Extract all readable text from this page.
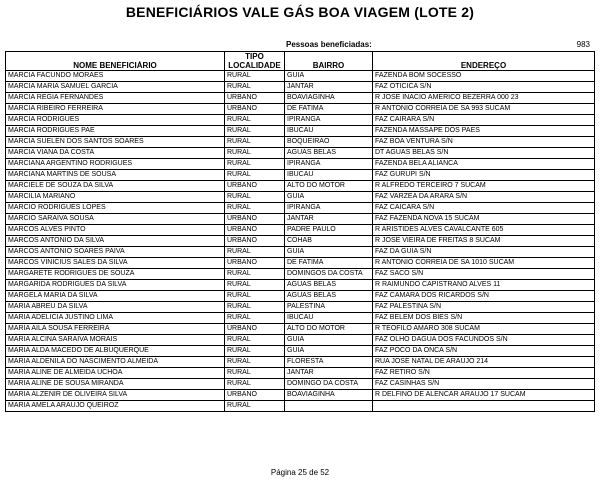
BENEFICIÁRIOS VALE GÁS BOA VIAGEM (LOTE 2)
Pessoas beneficiadas:	983
	TIPO		
NOME BENEFICIÁRIO	LOCALIDADE	BAIRRO	ENDEREÇO
MARCIA FACUNDO MORAES	RURAL	GUIA	FAZENDA BOM SOCESSO
MARCIA MARIA SAMUEL GARCIA	RURAL	JANTAR	FAZ OTICICA S/N
MARCIA REGIA FERNANDES	URBANO	BOAVIAGINHA	R JOSE INACIO AMERICO BEZERRA 000 23
MARCIA RIBEIRO FERREIRA	URBANO	DE FATIMA	R ANTONIO CORREIA DE SA 993 SUCAM
MARCIA RODRIGUES	RURAL	IPIRANGA	FAZ CAIRARA S/N
MARCIA RODRIGUES PAE	RURAL	IBUCAU	FAZENDA MASSAPE DOS PAES
MARCIA SUELEN DOS SANTOS SOARES	RURAL	BOQUEIRAO	FAZ BOA VENTURA S/N
MARCIA VIANA DA COSTA	RURAL	AGUAS BELAS	DT AGUAS BELAS S/N
MARCIANA ARGENTINO RODRIGUES	RURAL	IPIRANGA	FAZENDA BELA ALIANCA
MARCIANA MARTINS DE SOUSA	RURAL	IBUCAU	FAZ GURUPI S/N
MARCIELE DE SOUZA DA SILVA	URBANO	ALTO DO MOTOR	R ALFREDO TERCEIRO 7 SUCAM
MARCILIA MARIANO	RURAL	GUIA	FAZ VARZEA DA ARARA S/N
MARCIO RODRIGUES LOPES	RURAL	IPIRANGA	FAZ CAICARA S/N
MARCIO SARAIVA SOUSA	URBANO	JANTAR	FAZ FAZENDA NOVA 15 SUCAM
MARCOS ALVES PINTO	URBANO	PADRE PAULO	R ARISTIDES ALVES CAVALCANTE 605
MARCOS ANTONIO DA SILVA	URBANO	COHAB	R JOSE VIEIRA DE FREITAS 8 SUCAM
MARCOS ANTONIO SOARES PAIVA	RURAL	GUIA	FAZ DA GUIA S/N
MARCOS VINICIUS SALES DA SILVA	URBANO	DE FATIMA	R ANTONIO CORREIA DE SA 1010 SUCAM
MARGARETE RODRIGUES DE SOUZA	RURAL	DOMINGOS DA COSTA	FAZ SACO S/N
MARGARIDA RODRIGUES DA SILVA	RURAL	AGUAS BELAS	R RAIMUNDO CAPISTRANO ALVES 11
MARGELA MARIA DA SILVA	RURAL	AGUAS BELAS	FAZ CAMARA DOS RICARDOS S/N
MARIA ABREU DA SILVA	RURAL	PALESTINA	FAZ PALESTINA S/N
MARIA ADELICIA JUSTINO LIMA	RURAL	IBUCAU	FAZ BELEM DOS BIES S/N
MARIA AILA SOUSA FERREIRA	URBANO	ALTO DO MOTOR	R TEOFILO AMARO 308 SUCAM
MARIA ALCINA SARAIVA MORAIS	RURAL	GUIA	FAZ OLHO DAGUA DOS FACUNDOS S/N
MARIA ALDA MACEDO DE ALBUQUERQUE	RURAL	GUIA	FAZ POCO DA ONCA S/N
MARIA ALDENILA DO NASCIMENTO ALMEIDA	RURAL	FLORESTA	RUA JOSE NATAL DE ARAUJO 214
MARIA ALINE DE ALMEIDA UCHOA	RURAL	JANTAR	FAZ RETIRO S/N
MARIA ALINE DE SOUSA MIRANDA	RURAL	DOMINGO DA COSTA	FAZ CASINHAS S/N
MARIA ALZENIR DE OLIVEIRA SILVA	URBANO	BOAVIAGINHA	R DELFINO DE ALENCAR ARAUJO 17 SUCAM
MARIA AMELA ARAUJO QUEIROZ	RURAL		
Página 25 de 52
